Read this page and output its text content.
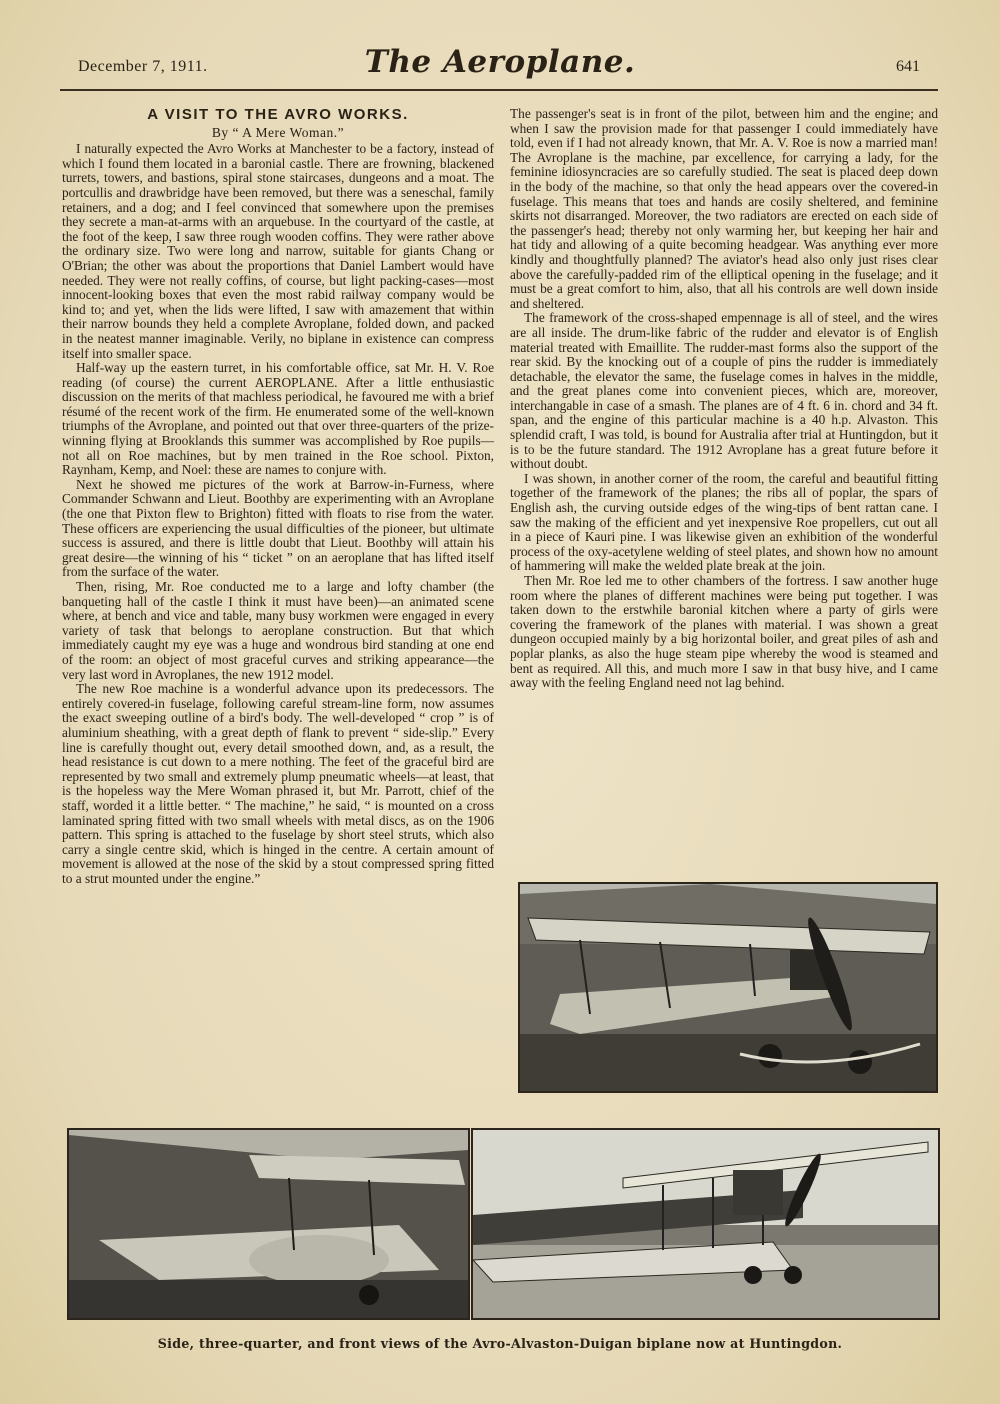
December 7, 1911.	The Aeroplane.	641
A VISIT TO THE AVRO WORKS.
By “ A Mere Woman.”

I naturally expected the Avro Works at Manchester to be a factory, instead of which I found them located in a baronial castle. There are frowning, blackened turrets, towers, and bastions, spiral stone staircases, dungeons and a moat. The portcullis and drawbridge have been removed, but there was a seneschal, family retainers, and a dog; and I feel convinced that somewhere upon the premises they secrete a man-at-arms with an arquebuse. In the courtyard of the castle, at the foot of the keep, I saw three rough wooden coffins. They were rather above the ordinary size. Two were long and narrow, suitable for giants Chang or O'Brian; the other was about the proportions that Daniel Lambert would have needed. They were not really coffins, of course, but light packing-cases—most innocent-looking boxes that even the most rabid railway company would be kind to; and yet, when the lids were lifted, I saw with amazement that within their narrow bounds they held a complete Avroplane, folded down, and packed in the neatest manner imaginable. Verily, no biplane in existence can compress itself into smaller space.

Half-way up the eastern turret, in his comfortable office, sat Mr. H. V. Roe reading (of course) the current AEROPLANE. After a little enthusiastic discussion on the merits of that machless periodical, he favoured me with a brief résumé of the recent work of the firm. He enumerated some of the well-known triumphs of the Avroplane, and pointed out that over three-quarters of the prize-winning flying at Brooklands this summer was accomplished by Roe pupils—not all on Roe machines, but by men trained in the Roe school. Pixton, Raynham, Kemp, and Noel: these are names to conjure with.

Next he showed me pictures of the work at Barrow-in-Furness, where Commander Schwann and Lieut. Boothby are experimenting with an Avroplane (the one that Pixton flew to Brighton) fitted with floats to rise from the water. These officers are experiencing the usual difficulties of the pioneer, but ultimate success is assured, and there is little doubt that Lieut. Boothby will attain his great desire—the winning of his “ ticket ” on an aeroplane that has lifted itself from the surface of the water.

Then, rising, Mr. Roe conducted me to a large and lofty chamber (the banqueting hall of the castle I think it must have been)—an animated scene where, at bench and vice and table, many busy workmen were engaged in every variety of task that belongs to aeroplane construction. But that which immediately caught my eye was a huge and wondrous bird standing at one end of the room: an object of most graceful curves and striking appearance—the very last word in Avroplanes, the new 1912 model.

The new Roe machine is a wonderful advance upon its predecessors. The entirely covered-in fuselage, following careful stream-line form, now assumes the exact sweeping outline of a bird's body. The well-developed “ crop ” is of aluminium sheathing, with a great depth of flank to prevent “ side-slip.” Every line is carefully thought out, every detail smoothed down, and, as a result, the head resistance is cut down to a mere nothing. The feet of the graceful bird are represented by two small and extremely plump pneumatic wheels—at least, that is the hopeless way the Mere Woman phrased it, but Mr. Parrott, chief of the staff, worded it a little better. “ The machine,” he said, “ is mounted on a cross laminated spring fitted with two small wheels with metal discs, as on the 1906 pattern. This spring is attached to the fuselage by short steel struts, which also carry a single centre skid, which is hinged in the centre. A certain amount of movement is allowed at the nose of the skid by a stout compressed spring fitted to a strut mounted under the engine.”

The passenger's seat is in front of the pilot, between him and the engine; and when I saw the provision made for that passenger I could immediately have told, even if I had not already known, that Mr. A. V. Roe is now a married man! The Avroplane is the machine, par excellence, for carrying a lady, for the feminine idiosyncracies are so carefully studied. The seat is placed deep down in the body of the machine, so that only the head appears over the covered-in fuselage. This means that toes and hands are cosily sheltered, and feminine skirts not disarranged. Moreover, the two radiators are erected on each side of the passenger's head; thereby not only warming her, but keeping her hair and hat tidy and allowing of a quite becoming headgear. Was anything ever more kindly and thoughtfully planned? The aviator's head also only just rises clear above the carefully-padded rim of the elliptical opening in the fuselage; and it must be a great comfort to him, also, that all his controls are well down inside and sheltered.

The framework of the cross-shaped empennage is all of steel, and the wires are all inside. The drum-like fabric of the rudder and elevator is of English material treated with Emaillite. The rudder-mast forms also the support of the rear skid. By the knocking out of a couple of pins the rudder is immediately detachable, the elevator the same, the fuselage comes in halves in the middle, and the great planes come into convenient pieces, which are, moreover, interchangable in case of a smash. The planes are of 4 ft. 6 in. chord and 34 ft. span, and the engine of this particular machine is a 40 h.p. Alvaston. This splendid craft, I was told, is bound for Australia after trial at Huntingdon, but it is to be the future standard. The 1912 Avroplane has a great future before it without doubt.

I was shown, in another corner of the room, the careful and beautiful fitting together of the framework of the planes; the ribs all of poplar, the spars of English ash, the curving outside edges of the wing-tips of bent rattan cane. I saw the making of the efficient and yet inexpensive Roe propellers, cut out all in a piece of Kauri pine. I was likewise given an exhibition of the wonderful process of the oxy-acetylene welding of steel plates, and shown how no amount of hammering will make the welded plate break at the join.

Then Mr. Roe led me to other chambers of the fortress. I saw another huge room where the planes of different machines were being put together. I was taken down to the erstwhile baronial kitchen where a party of girls were covering the framework of the planes with material. I was shown a great dungeon occupied mainly by a big horizontal boiler, and great piles of ash and poplar planks, as also the huge steam pipe whereby the wood is steamed and bent as required. All this, and much more I saw in that busy hive, and I came away with the feeling England need not lag behind.

Side, three-quarter, and front views of the Avro-Alvaston-Duigan biplane now at Huntingdon.
